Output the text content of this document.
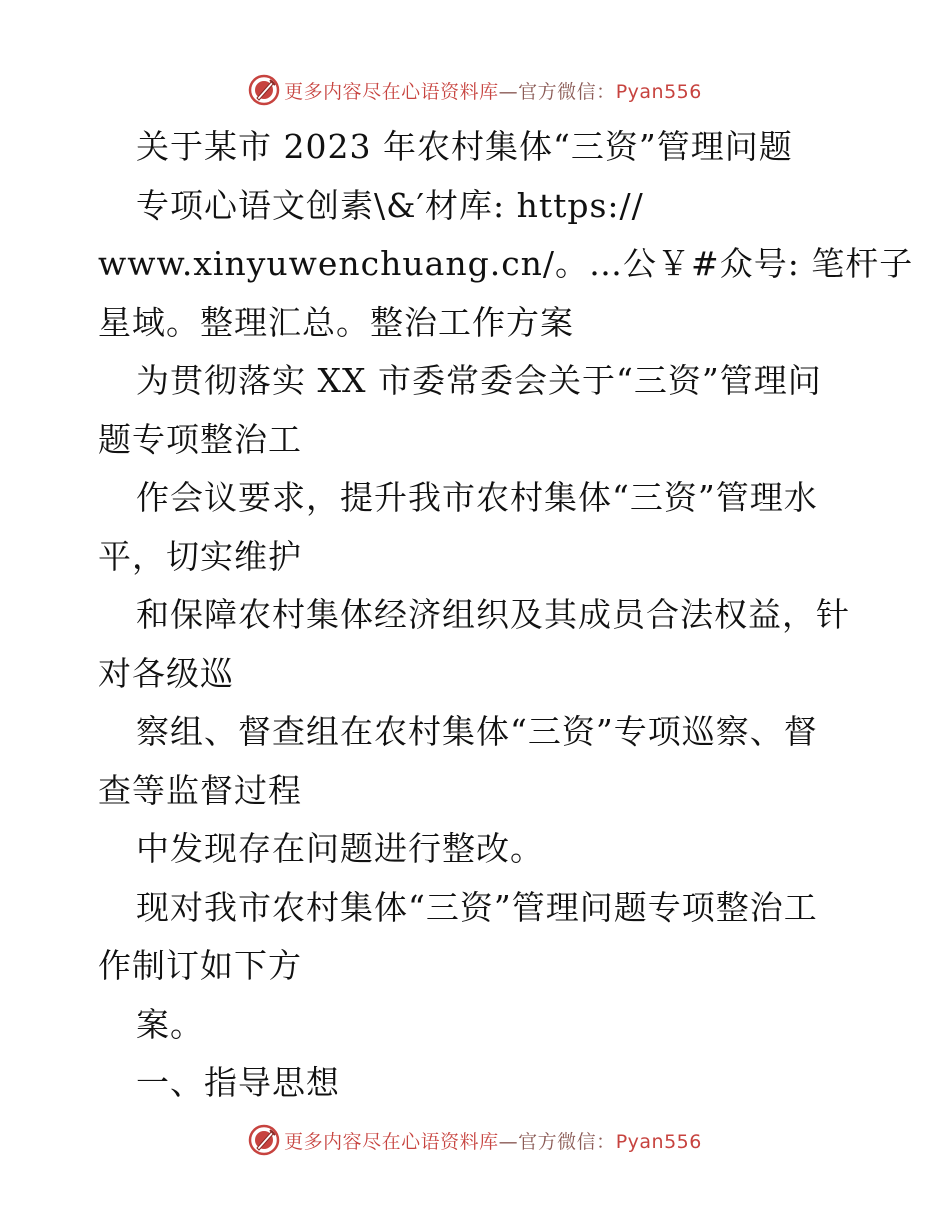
更多内容尽在心语资料库—官方微信：Pyan556
关于某市 2023 年农村集体“三资”管理问题
专项心语文创素\&′材库: https://
www.xinyuwenchuang.cn/。…公￥#众号: 笔杆子
星域。整理汇总。整治工作方案
为贯彻落实 XX 市委常委会关于“三资”管理问
题专项整治工
作会议要求，提升我市农村集体“三资”管理水
平，切实维护
和保障农村集体经济组织及其成员合法权益，针
对各级巡
察组、督查组在农村集体“三资”专项巡察、督
查等监督过程
中发现存在问题进行整改。
现对我市农村集体“三资”管理问题专项整治工
作制订如下方
案。
一、指导思想
更多内容尽在心语资料库—官方微信：Pyan556
